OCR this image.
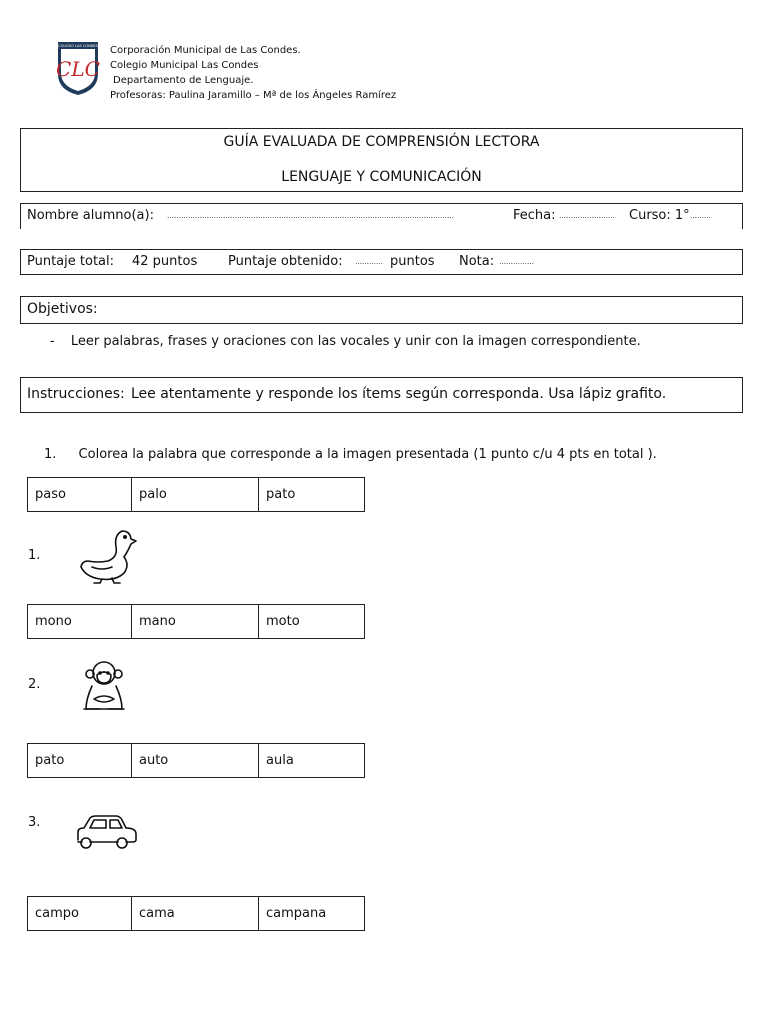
COLEGIO LAS CONDES
CLC
Corporación Municipal de Las Condes.
Colegio Municipal Las Condes
Departamento de Lenguaje.
Profesoras: Paulina Jaramillo – Mª de los Ángeles Ramírez
GUÍA EVALUADA DE COMPRENSIÓN LECTORA
LENGUAJE Y COMUNICACIÓN
Nombre alumno(a): ……………………………………………………………………………………………………………	Fecha: …………………… Curso: 1° ………
Puntaje total: 42 puntos Puntaje obtenido: ………… puntos Nota: ……………
Objetivos:
- Leer palabras, frases y oraciones con las vocales y unir con la imagen correspondiente.
Instrucciones: Lee atentamente y responde los ítems según corresponda. Usa lápiz grafito.
1. Colorea la palabra que corresponde a la imagen presentada (1 punto c/u 4 pts en total ).
paso	palo	pato
1.
mono	mano	moto
2.
pato	auto	aula
3.
campo	cama	campana
